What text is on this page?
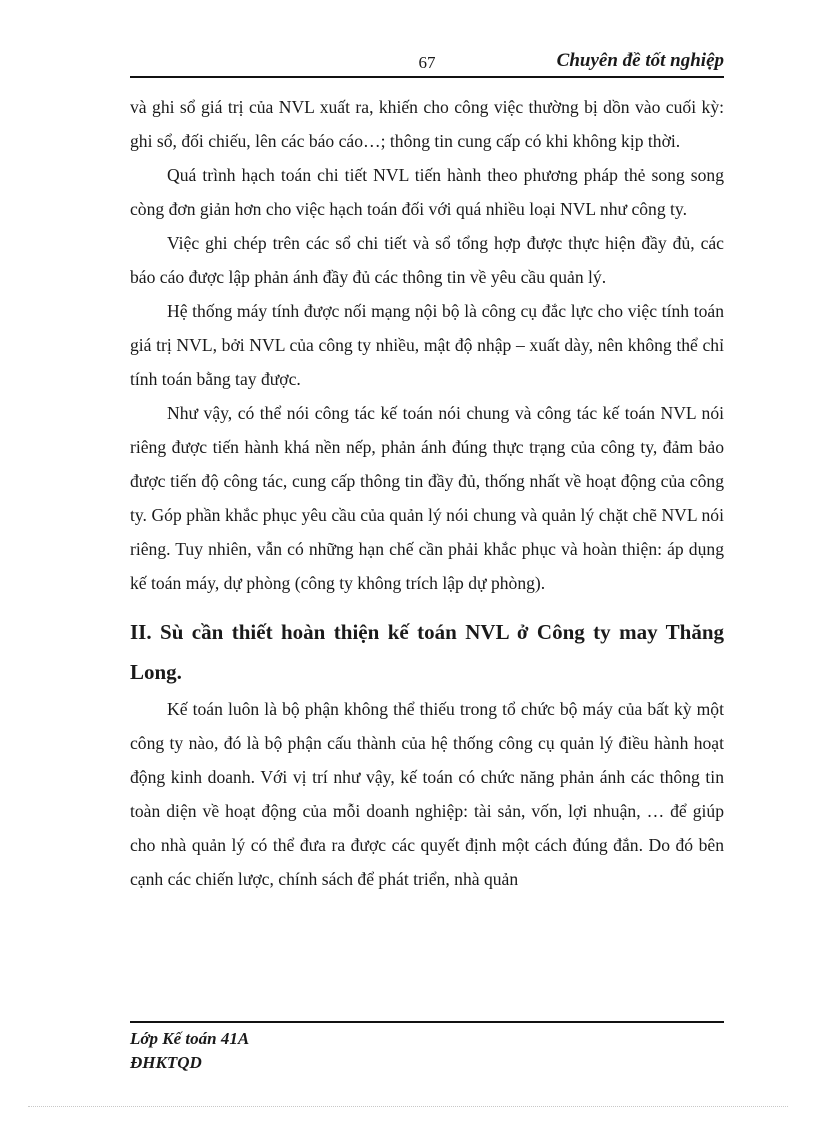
67	Chuyên đề tốt nghiệp

và ghi sổ giá trị của NVL xuất ra, khiến cho công việc thường bị dồn vào cuối kỳ: ghi sổ, đối chiếu, lên các báo cáo…; thông tin cung cấp có khi không kịp thời.

Quá trình hạch toán chi tiết NVL tiến hành theo phương pháp thẻ song song còng đơn giản hơn cho việc hạch toán đối với quá nhiều loại NVL như công ty.

Việc ghi chép trên các sổ chi tiết và sổ tổng hợp được thực hiện đầy đủ, các báo cáo được lập phản ánh đầy đủ các thông tin về yêu cầu quản lý.

Hệ thống máy tính được nối mạng nội bộ là công cụ đắc lực cho việc tính toán giá trị NVL, bởi NVL của công ty nhiều, mật độ nhập – xuất dày, nên không thể chỉ tính toán bằng tay được.

Như vậy, có thể nói công tác kế toán nói chung và công tác kế toán NVL nói riêng được tiến hành khá nền nếp, phản ánh đúng thực trạng của công ty, đảm bảo được tiến độ công tác, cung cấp thông tin đầy đủ, thống nhất về hoạt động của công ty. Góp phần khắc phục yêu cầu của quản lý nói chung và quản lý chặt chẽ NVL nói riêng. Tuy nhiên, vẫn có những hạn chế cần phải khắc phục và hoàn thiện: áp dụng kế toán máy, dự phòng (công ty không trích lập dự phòng).

II. Sù cần thiết hoàn thiện kế toán NVL ở Công ty may Thăng Long.

Kế toán luôn là bộ phận không thể thiếu trong tổ chức bộ máy của bất kỳ một công ty nào, đó là bộ phận cấu thành của hệ thống công cụ quản lý điều hành hoạt động kinh doanh. Với vị trí như vậy, kế toán có chức năng phản ánh các thông tin toàn diện về hoạt động của mỗi doanh nghiệp: tài sản, vốn, lợi nhuận, … để giúp cho nhà quản lý có thể đưa ra được các quyết định một cách đúng đắn. Do đó bên cạnh các chiến lược, chính sách để phát triển, nhà quản

Lớp Kế toán 41A
ĐHKTQD
